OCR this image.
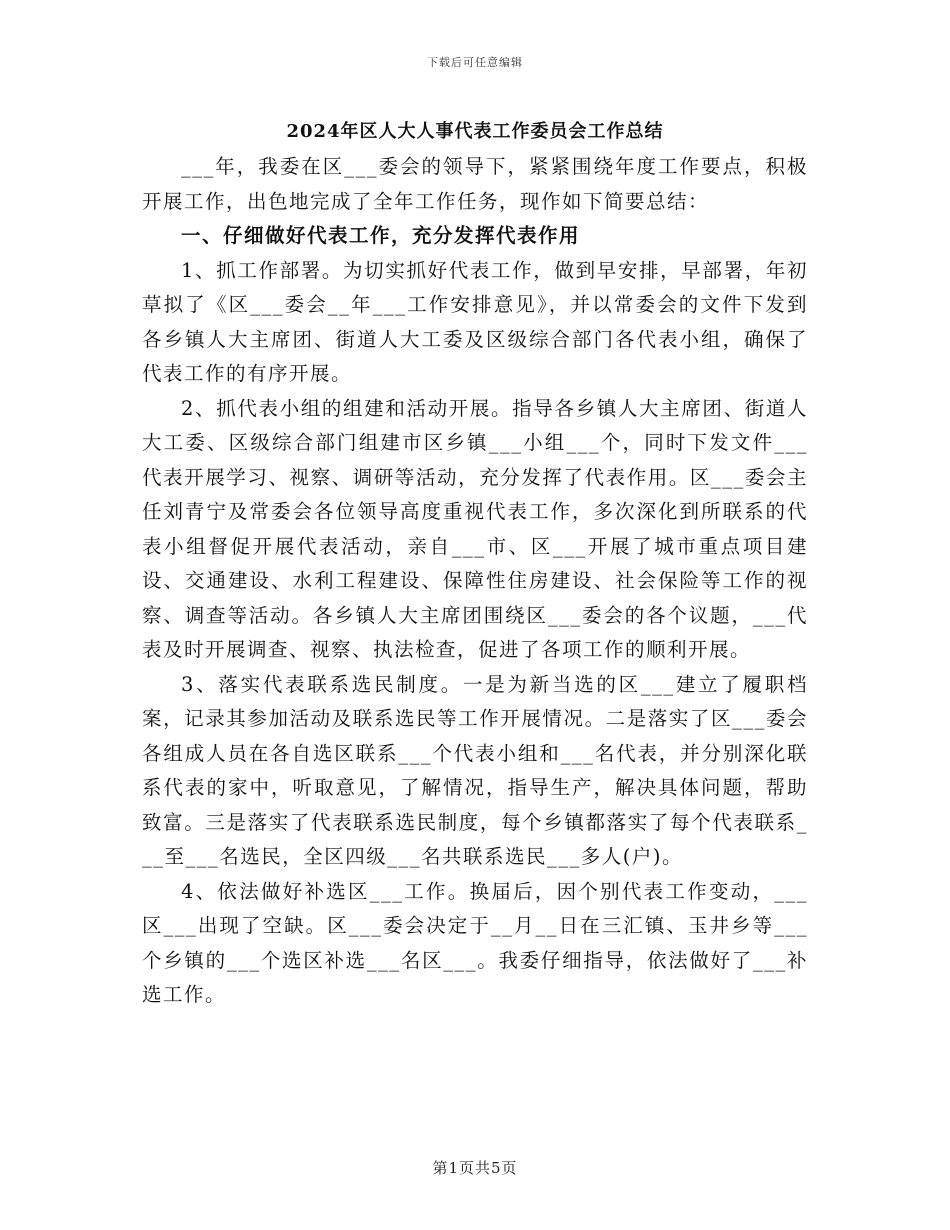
下载后可任意编辑
2024年区人大人事代表工作委员会工作总结

___年，我委在区___委会的领导下，紧紧围绕年度工作要点，积极开展工作，出色地完成了全年工作任务，现作如下简要总结：

一、仔细做好代表工作，充分发挥代表作用

1、抓工作部署。为切实抓好代表工作，做到早安排，早部署，年初草拟了《区___委会__年___工作安排意见》，并以常委会的文件下发到各乡镇人大主席团、街道人大工委及区级综合部门各代表小组，确保了代表工作的有序开展。

2、抓代表小组的组建和活动开展。指导各乡镇人大主席团、街道人大工委、区级综合部门组建市区乡镇___小组___个，同时下发文件___代表开展学习、视察、调研等活动，充分发挥了代表作用。区___委会主任刘青宁及常委会各位领导高度重视代表工作，多次深化到所联系的代表小组督促开展代表活动，亲自___市、区___开展了城市重点项目建设、交通建设、水利工程建设、保障性住房建设、社会保险等工作的视察、调查等活动。各乡镇人大主席团围绕区___委会的各个议题，___代表及时开展调查、视察、执法检查，促进了各项工作的顺利开展。

3、落实代表联系选民制度。一是为新当选的区___建立了履职档案，记录其参加活动及联系选民等工作开展情况。二是落实了区___委会各组成人员在各自选区联系___个代表小组和___名代表，并分别深化联系代表的家中，听取意见，了解情况，指导生产，解决具体问题，帮助致富。三是落实了代表联系选民制度，每个乡镇都落实了每个代表联系___至___名选民，全区四级___名共联系选民___多人(户)。

4、依法做好补选区___工作。换届后，因个别代表工作变动，___区___出现了空缺。区___委会决定于__月__日在三汇镇、玉井乡等___个乡镇的___个选区补选___名区___。我委仔细指导，依法做好了___补选工作。

第1页共5页
